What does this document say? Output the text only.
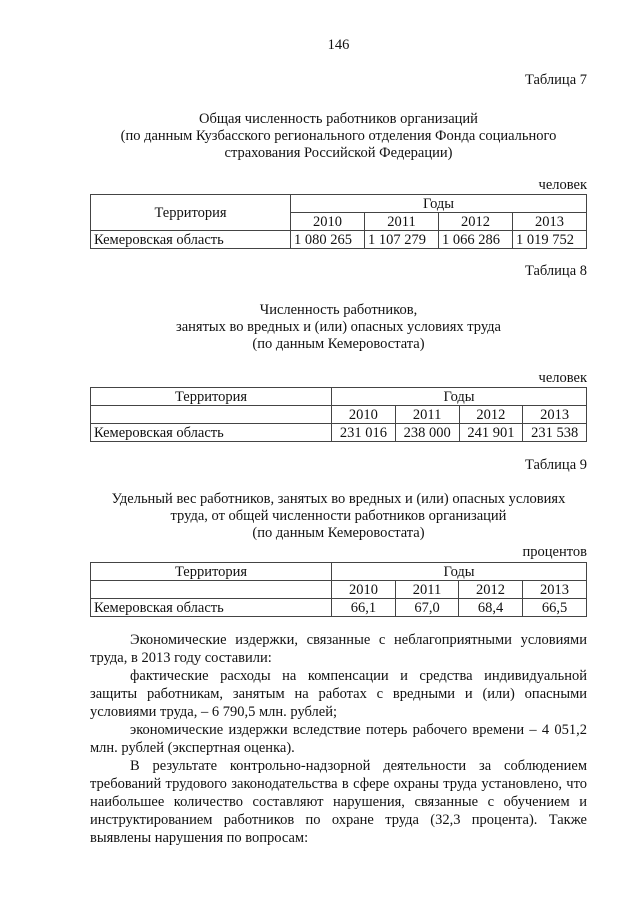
146
Таблица 7
Общая численность работников организаций
(по данным Кузбасского регионального отделения Фонда социального
страхования Российской Федерации)
человек
Территория	Годы			
	2010	2011	2012	2013
Кемеровская область	1 080 265	1 107 279	1 066 286	1 019 752
Таблица 8
Численность работников,
занятых во вредных и (или) опасных условиях труда
(по данным Кемеровостата)
человек
Территория	Годы			
	2010	2011	2012	2013
Кемеровская область	231 016	238 000	241 901	231 538
Таблица 9
Удельный вес работников, занятых во вредных и (или) опасных условиях
труда, от общей численности работников организаций
(по данным Кемеровостата)
процентов
Территория	Годы			
	2010	2011	2012	2013
Кемеровская область	66,1	67,0	68,4	66,5
Экономические издержки, связанные с неблагоприятными условиями труда, в 2013 году составили:
фактические расходы на компенсации и средства индивидуальной защиты работникам, занятым на работах с вредными и (или) опасными условиями труда, – 6 790,5 млн. рублей;
экономические издержки вследствие потерь рабочего времени – 4 051,2 млн. рублей (экспертная оценка).
В результате контрольно-надзорной деятельности за соблюдением требований трудового законодательства в сфере охраны труда установлено, что наибольшее количество составляют нарушения, связанные с обучением и инструктированием работников по охране труда (32,3 процента). Также выявлены нарушения по вопросам:
